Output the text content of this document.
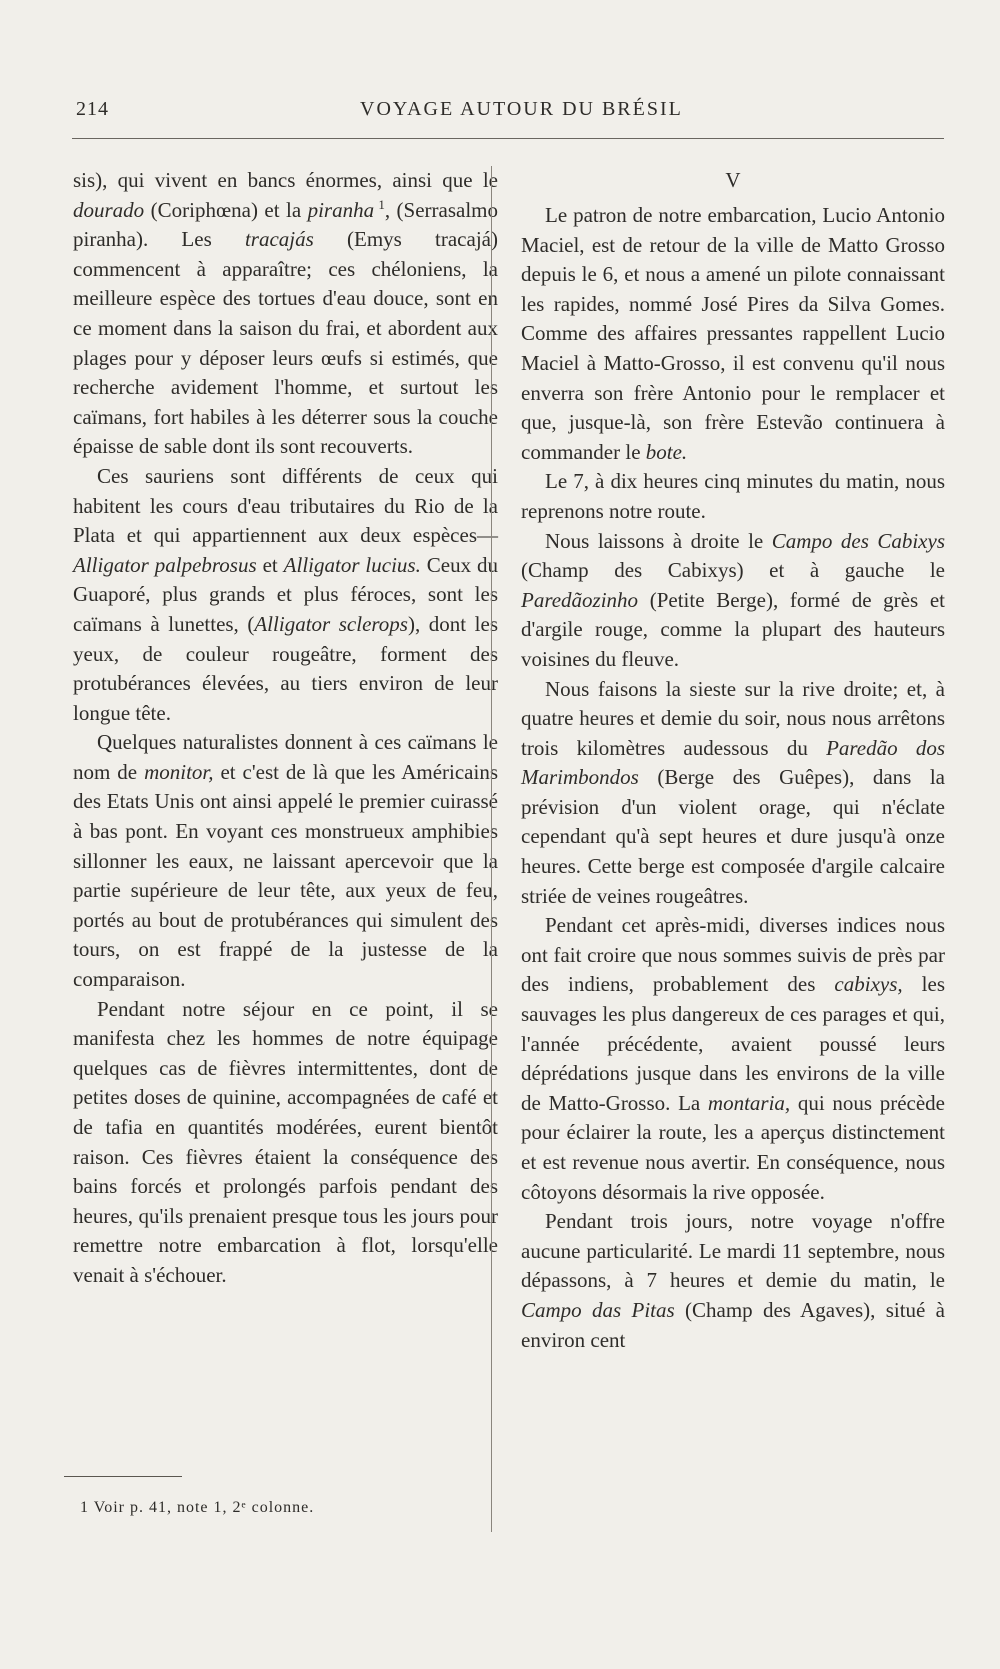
214	VOYAGE AUTOUR DU BRÉSIL

sis), qui vivent en bancs énormes, ainsi que le dourado (Coriphœna) et la piranha  $^1$, (Serrasalmo piranha). Les tracajás (Emys tracajá) commencent à apparaître; ces chéloniens, la meilleure espèce des tortues d'eau douce, sont en ce moment dans la saison du frai, et abordent aux plages pour y déposer leurs œufs si estimés, que recherche avidement l'homme, et surtout les caïmans, fort habiles à les déterrer sous la couche épaisse de sable dont ils sont recouverts.

Ces sauriens sont différents de ceux qui habitent les cours d'eau tributaires du Rio de la Plata et qui appartiennent aux deux espèces—Alligator palpebrosus et Alligator lucius. Ceux du Guaporé, plus grands et plus féroces, sont les caïmans à lunettes, (Alligator sclerops), dont les yeux, de couleur rougeâtre, forment des protubérances élevées, au tiers environ de leur longue tête.

Quelques naturalistes donnent à ces caïmans le nom de monitor, et c'est de là que les Américains des Etats Unis ont ainsi appelé le premier cuirassé à bas pont. En voyant ces monstrueux amphibies sillonner les eaux, ne laissant apercevoir que la partie supérieure de leur tête, aux yeux de feu, portés au bout de protubérances qui simulent des tours, on est frappé de la justesse de la comparaison.

Pendant notre séjour en ce point, il se manifesta chez les hommes de notre équipage quelques cas de fièvres intermittentes, dont de petites doses de quinine, accompagnées de café et de tafia en quantités modérées, eurent bientôt raison. Ces fièvres étaient la conséquence des bains forcés et prolongés parfois pendant des heures, qu'ils prenaient presque tous les jours pour remettre notre embarcation à flot, lorsqu'elle venait à s'échouer.

V

Le patron de notre embarcation, Lucio Antonio Maciel, est de retour de la ville de Matto Grosso depuis le 6, et nous a amené un pilote connaissant les rapides, nommé José Pires da Silva Gomes. Comme des affaires pressantes rappellent Lucio Maciel à Matto-Grosso, il est convenu qu'il nous enverra son frère Antonio pour le remplacer et que, jusque-là, son frère Estevão continuera à commander le bote.

Le 7, à dix heures cinq minutes du matin, nous reprenons notre route.

Nous laissons à droite le Campo des Cabixys (Champ des Cabixys) et à gauche le Paredãozinho (Petite Berge), formé de grès et d'argile rouge, comme la plupart des hauteurs voisines du fleuve.

Nous faisons la sieste sur la rive droite; et, à quatre heures et demie du soir, nous nous arrêtons trois kilomètres audessous du Paredão dos Marimbondos (Berge des Guêpes), dans la prévision d'un violent orage, qui n'éclate cependant qu'à sept heures et dure jusqu'à onze heures. Cette berge est composée d'argile calcaire striée de veines rougeâtres.

Pendant cet après-midi, diverses indices nous ont fait croire que nous sommes suivis de près par des indiens, probablement des cabixys, les sauvages les plus dangereux de ces parages et qui, l'année précédente, avaient poussé leurs déprédations jusque dans les environs de la ville de Matto-Grosso. La montaria, qui nous précède pour éclairer la route, les a aperçus distinctement et est revenue nous avertir. En conséquence, nous côtoyons désormais la rive opposée.

Pendant trois jours, notre voyage n'offre aucune particularité. Le mardi 11 septembre, nous dépassons, à 7 heures et demie du matin, le Campo das Pitas (Champ des Agaves), situé à environ cent

1 Voir p. 41, note 1, 2ᵉ colonne.
